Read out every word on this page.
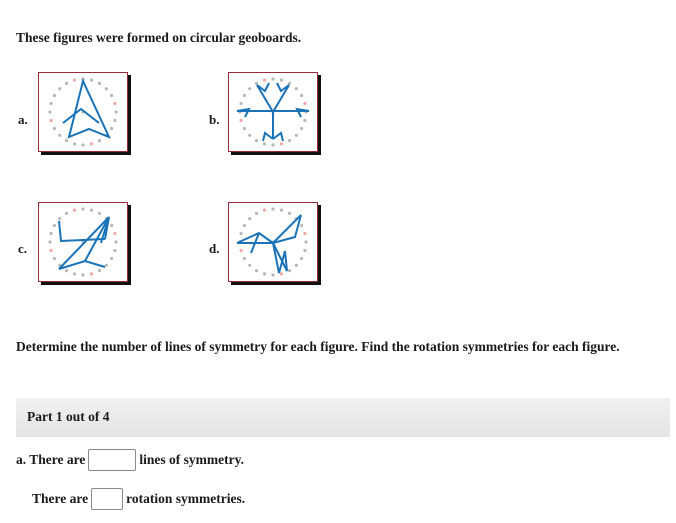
These figures were formed on circular geoboards.
a.	b.
c.	d.
Determine the number of lines of symmetry for each figure. Find the rotation symmetries for each figure.
Part 1 out of 4
a. There are	lines of symmetry.
There are	rotation symmetries.
